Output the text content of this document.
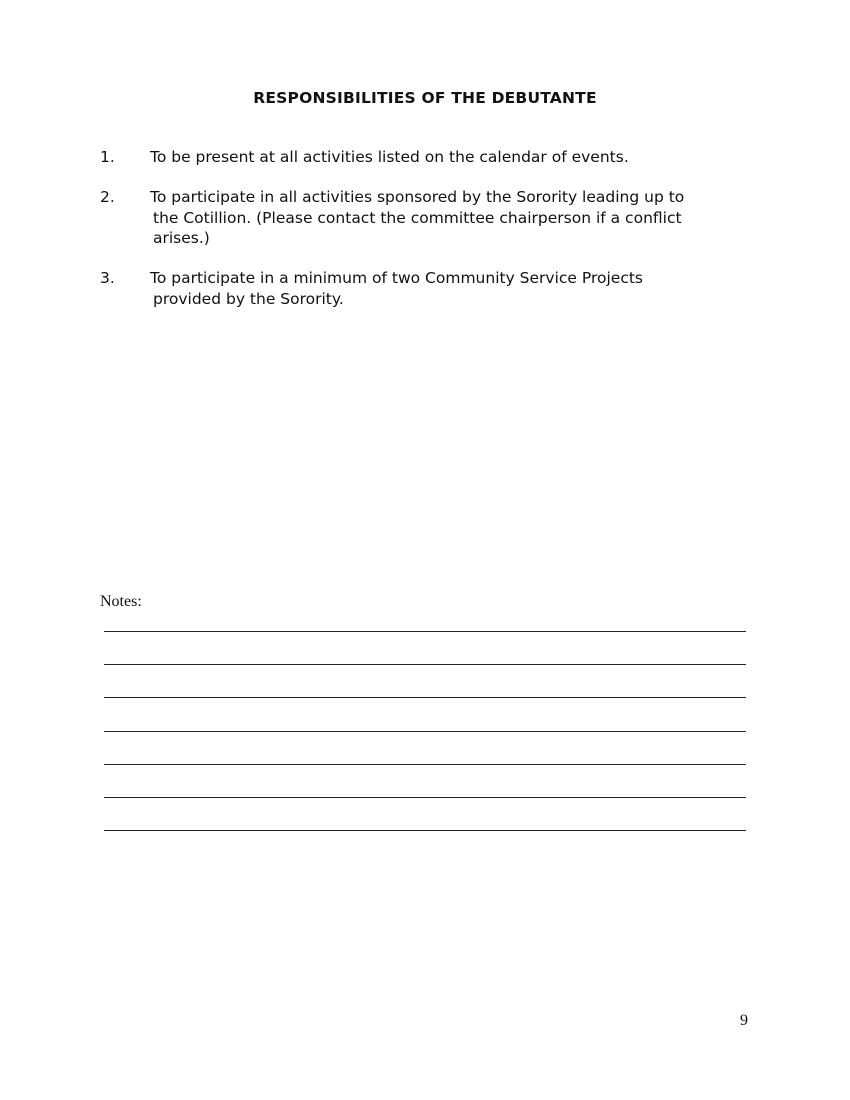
RESPONSIBILITIES OF THE DEBUTANTE
1.	To be present at all activities listed on the calendar of events.
2.	To participate in all activities sponsored by the Sorority leading up to
the Cotillion. (Please contact the committee chairperson if a conflict
arises.)
3.	To participate in a minimum of two Community Service Projects
provided by the Sorority.
Notes:
9
